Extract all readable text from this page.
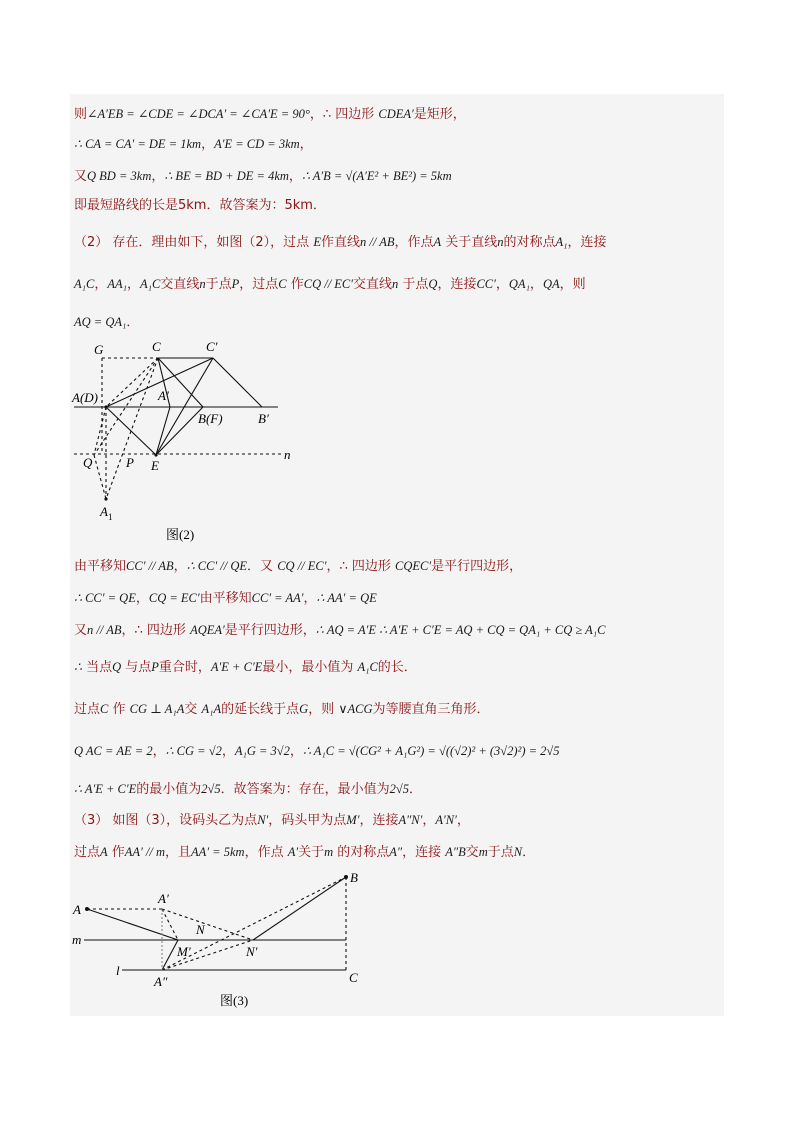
则∠A′EB = ∠CDE = ∠DCA′ = ∠CA′E = 90°，∴ 四边形 CDEA′是矩形，
∴ CA = CA′ = DE = 1km，A′E = CD = 3km，
又Q BD = 3km，∴ BE = BD + DE = 4km，∴ A′B = √(A′E² + BE²) = 5km
即最短路线的长是5km．故答案为：5km．
（2） 存在．理由如下，如图（2），过点 E作直线n // AB，作点A 关于直线n的对称点A₁，连接
A₁C，AA₁，A₁C交直线n于点P，过点C 作CQ // EC′交直线n 于点Q，连接CC′，QA₁，QA，则
AQ = QA₁．
由平移知CC′ // AB，∴ CC′ // QE．又 CQ // EC′，∴ 四边形 CQEC′是平行四边形，
∴ CC′ = QE，CQ = EC′由平移知CC′ = AA′，∴ AA′ = QE
又n // AB，∴ 四边形 AQEA′是平行四边形，∴ AQ = A′E ∴ A′E + C′E = AQ + CQ = QA₁ + CQ ≥ A₁C
∴ 当点Q 与点P重合时，A′E + C′E最小，最小值为 A₁C的长．
过点C 作 CG ⊥ A₁A交 A₁A的延长线于点G，则 ∨ACG为等腰直角三角形．
Q AC = AE = 2，∴ CG = √2，A₁G = 3√2，∴ A₁C = √(CG² + A₁G²) = √((√2)² + (3√2)²) = 2√5
∴ A′E + C′E的最小值为2√5．故答案为：存在，最小值为2√5．
（3） 如图（3），设码头乙为点N′，码头甲为点M′，连接A″N′，A′N′，
过点A 作AA′ // m，且AA′ = 5km，作点 A′关于m 的对称点A″，连接 A″B交m于点N．
G	C	C′
A(D)	A′
B(F)	B′
n
Q	P E
$A_1$
图(2)
A
A′
B
m
N
M′	N′
l
A″	C
图(3)
